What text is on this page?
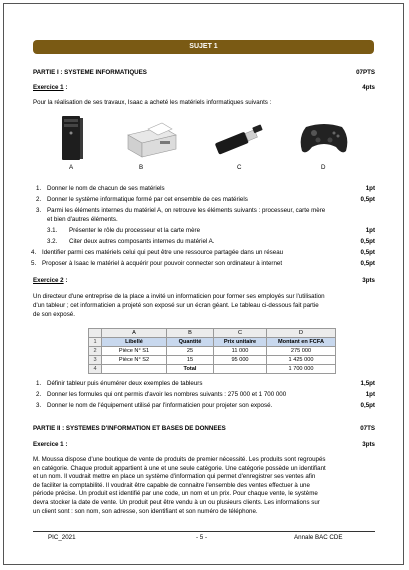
SUJET 1
PARTIE I : SYSTEME INFORMATIQUES	07PTS
Exercice 1 :	4pts
Pour la réalisation de ses travaux, Isaac a acheté les matériels informatiques suivants :
A	B	C	D
1. Donner le nom de chacun de ses matériels	1pt
2. Donner le système informatique formé par cet ensemble de ces matériels	0,5pt
3. Parmi les éléments internes du matériel A, on retrouve les éléments suivants : processeur, carte mère
et bien d'autres éléments.
3.1. Présenter le rôle du processeur et la carte mère	1pt
3.2. Citer deux autres composants internes du matériel A.	0,5pt
4. Identifier parmi ces matériels celui qui peut être une ressource partagée dans un réseau	0,5pt
5. Proposer à Isaac le matériel à acquérir pour pouvoir connecter son ordinateur à internet	0,5pt
Exercice 2 :	3pts
Un directeur d'une entreprise de la place a invité un informaticien pour former ses employés sur l'utilisation
d'un tableur ; cet informaticien a projeté son exposé sur un écran géant. Le tableau ci-dessous fait partie
de son exposé.
	A	B	C	D
1	Libellé	Quantité	Prix unitaire	Montant en FCFA
2	Pièce N° S1	25	11 000	275 000
3	Pièce N° S2	15	95 000	1 425 000
4		Total		1 700 000
1. Définir tableur puis énumérer deux exemples de tableurs	1,5pt
2. Donner les formules qui ont permis d'avoir les nombres suivants : 275 000 et 1 700 000	1pt
3. Donner le nom de l'équipement utilisé par l'informaticien pour projeter son exposé.	0,5pt
PARTIE II : SYSTEMES D'INFORMATION ET BASES DE DONNEES	07TS
Exercice 1 :	3pts
M. Moussa dispose d'une boutique de vente de produits de premier nécessité. Les produits sont regroupés
en catégorie. Chaque produit appartient à une et une seule catégorie. Une catégorie possède un identifiant
et un nom. Il voudrait mettre en place un système d'information qui permet d'enregistrer ses ventes afin
de faciliter la comptabilité. Il voudrait être capable de connaitre l'ensemble des ventes effectuer à une
période précise. Un produit est identifié par une code, un nom et un prix. Pour chaque vente, le système
devra stocker la date de vente. Un produit peut être vendu à un ou plusieurs clients. Les informations sur
un client sont : son nom, son adresse, son identifiant et son numéro de téléphone.
PIC_2021	- 5 -	Annale BAC CDE
